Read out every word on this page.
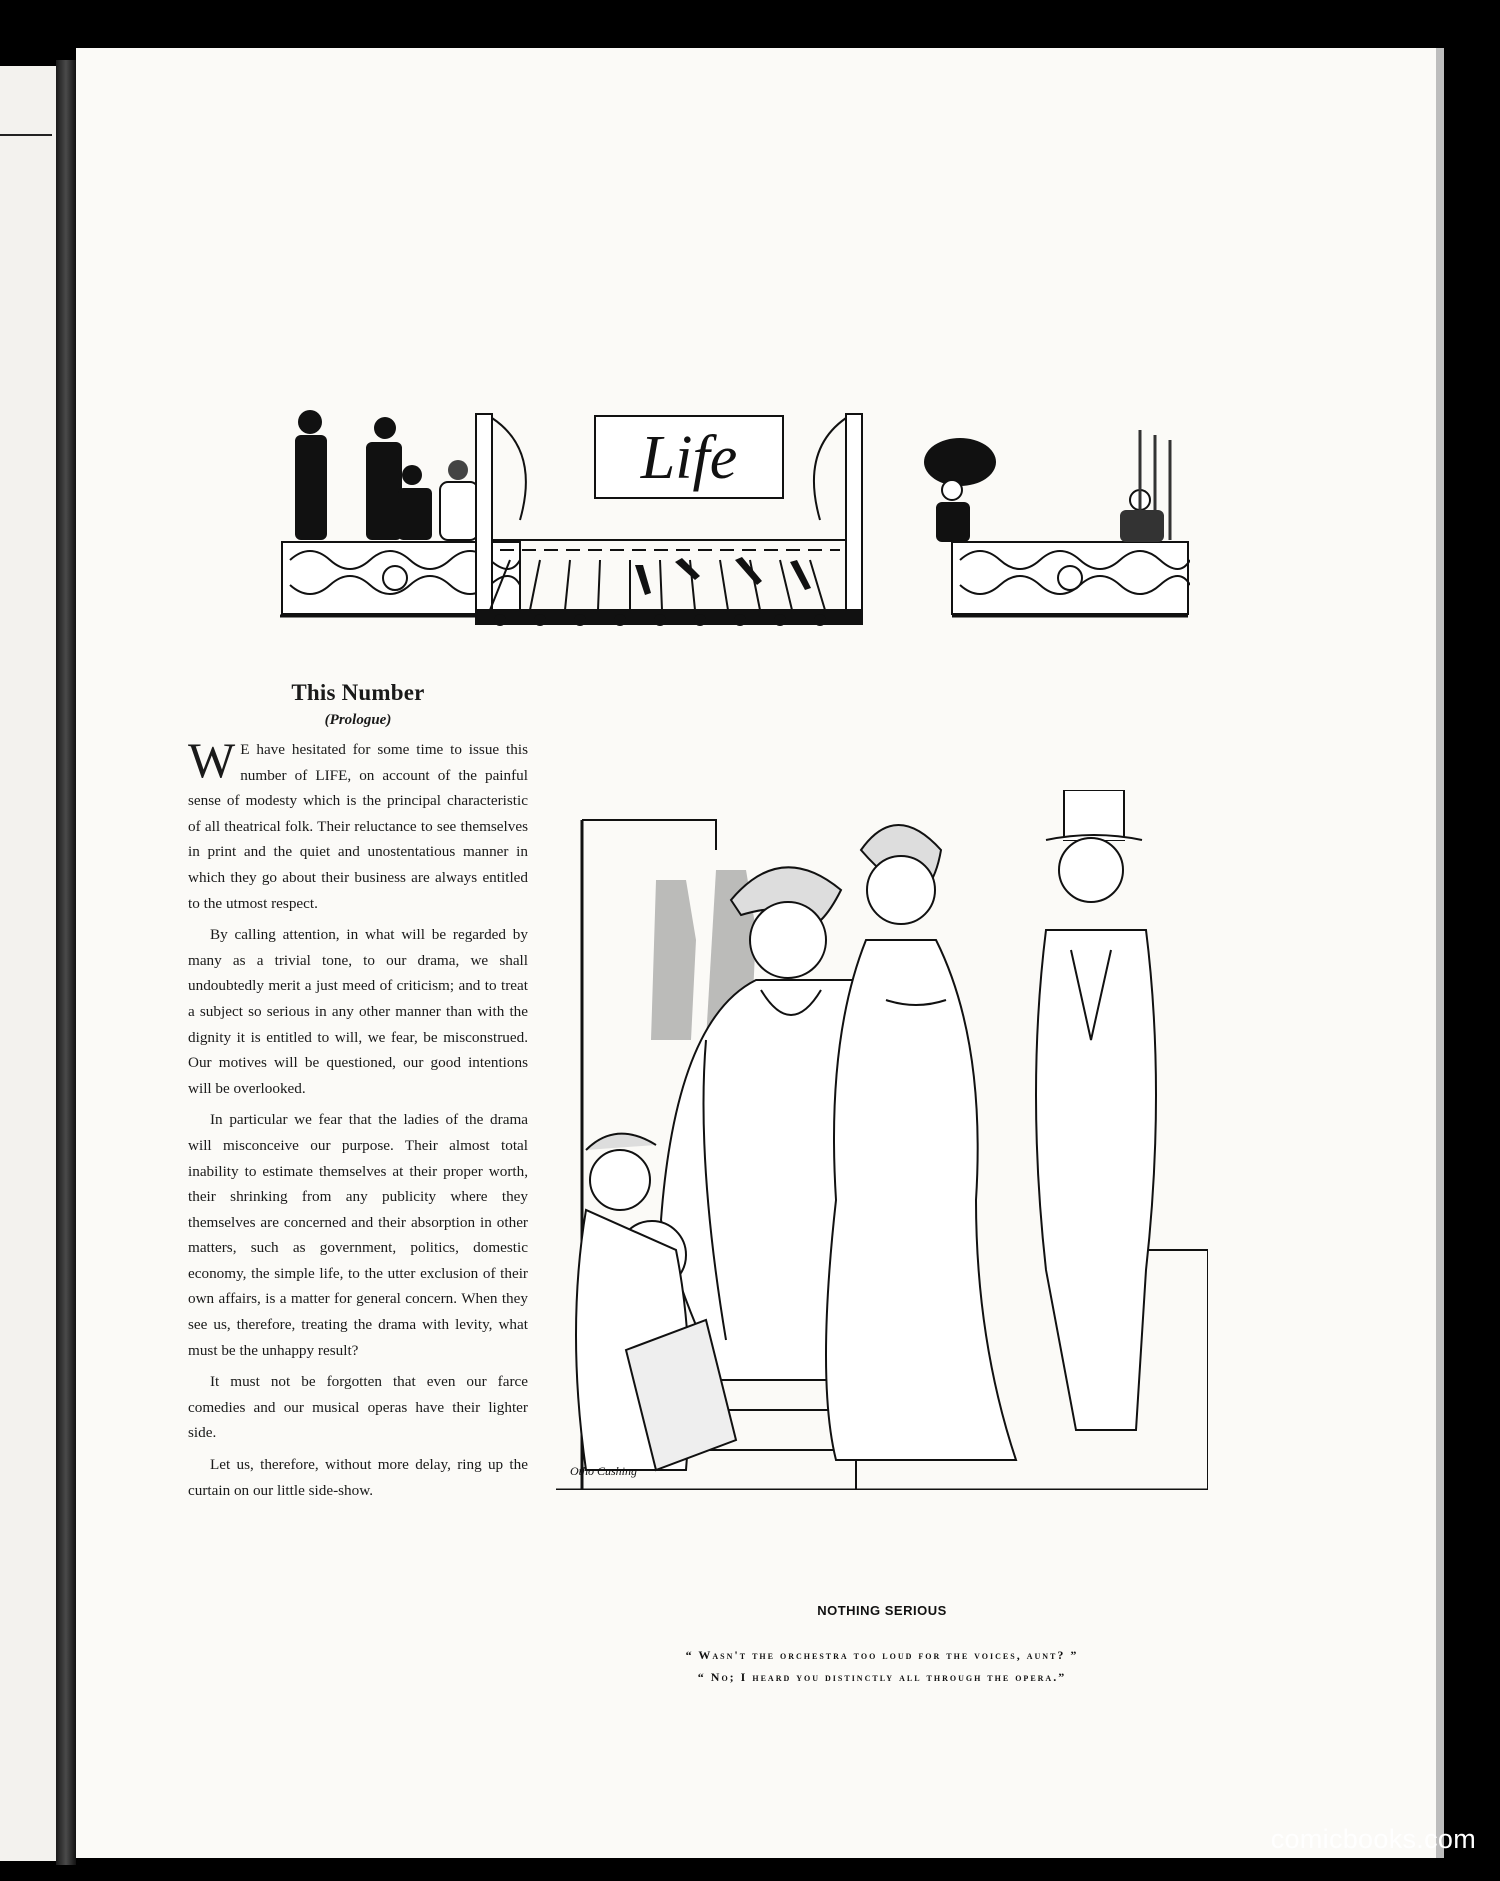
Life
This Number
(Prologue)

W E have hesitated for some time to issue this number of LIFE, on account of the painful sense of modesty which is the principal characteristic of all theatrical folk. Their reluctance to see themselves in print and the quiet and unostentatious manner in which they go about their business are always entitled to the utmost respect.

By calling attention, in what will be regarded by many as a trivial tone, to our drama, we shall undoubtedly merit a just meed of criticism; and to treat a subject so serious in any other manner than with the dignity it is entitled to will, we fear, be misconstrued. Our motives will be questioned, our good intentions will be overlooked.

In particular we fear that the ladies of the drama will misconceive our purpose. Their almost total inability to estimate themselves at their proper worth, their shrinking from any publicity where they themselves are concerned and their absorption in other matters, such as government, politics, domestic economy, the simple life, to the utter exclusion of their own affairs, is a matter for general concern. When they see us, therefore, treating the drama with levity, what must be the unhappy result?

It must not be forgotten that even our farce comedies and our musical operas have their lighter side.

Let us, therefore, without more delay, ring up the curtain on our little side-show.

Otho Cushing
NOTHING SERIOUS
“ Wasn't the orchestra too loud for the voices, aunt? ”
“ No; I heard you distinctly all through the opera.”
comicbooks.com
